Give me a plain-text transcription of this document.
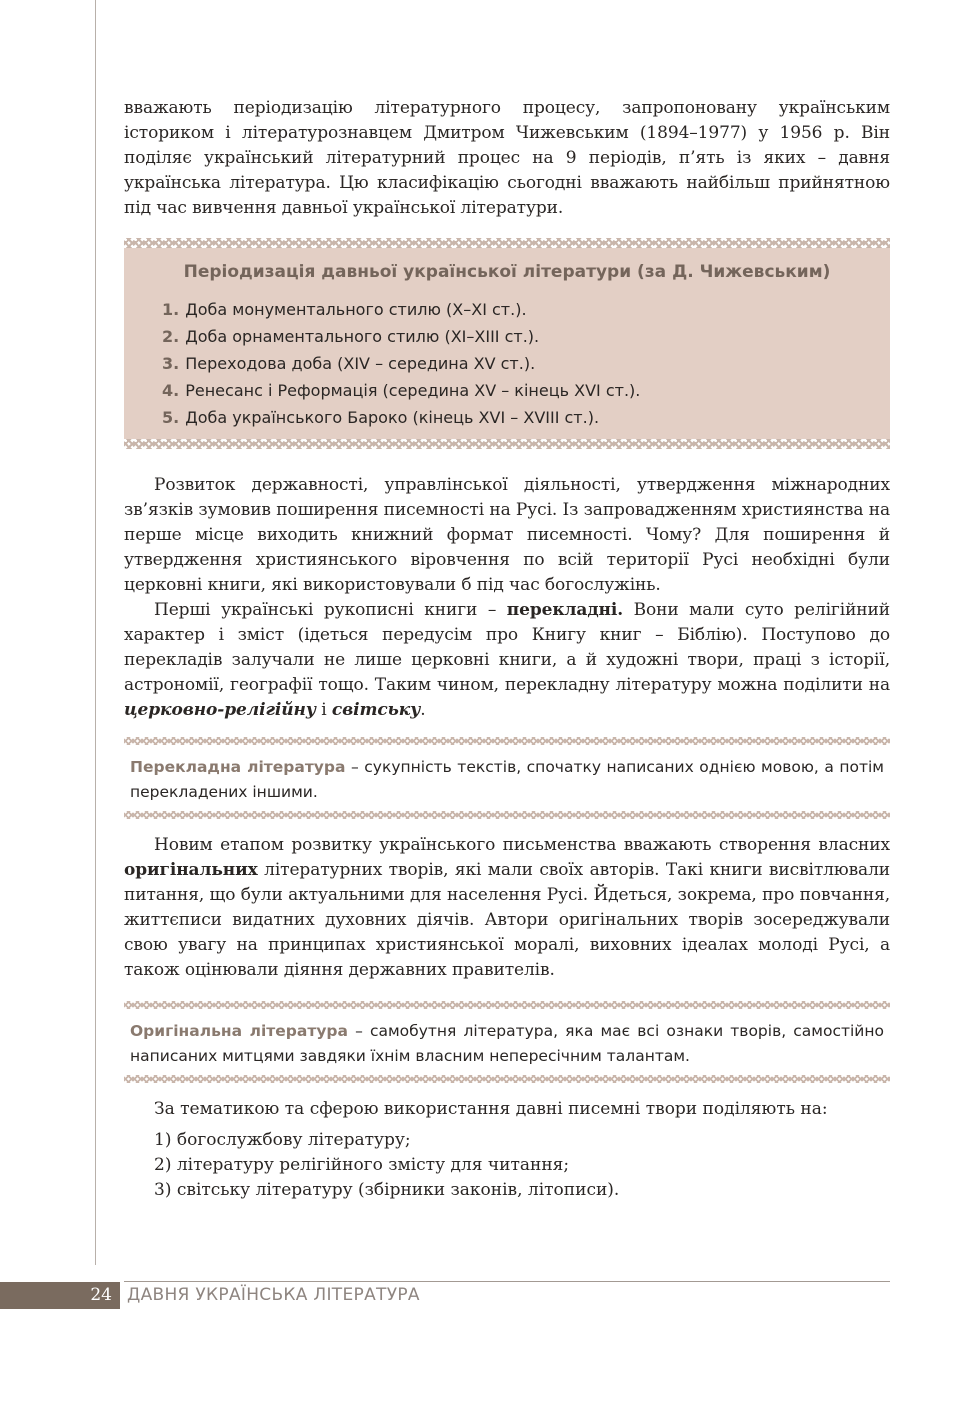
вважають періодизацію літературного процесу, запропоновану українським істориком і літературознавцем Дмитром Чижевським (1894–1977) у 1956 р. Він поділяє український літературний процес на 9 періодів, п’ять із яких – давня українська література. Цю класифікацію сьогодні вважають найбільш прийнятною під час вивчення давньої української літератури.

Періодизація давньої української літератури (за Д. Чижевським)
1. Доба монументального стилю (Х–ХІ ст.).
2. Доба орнаментального стилю (ХІ–ХІІІ ст.).
3. Переходова доба (ХIV – середина ХV ст.).
4. Ренесанс і Реформація (середина ХV – кінець ХVІ ст.).
5. Доба українського Бароко (кінець ХVІ – ХVІІІ ст.).

Розвиток державності, управлінської діяльності, утвердження міжнародних зв’язків зумовив поширення писемності на Русі. Із запровадженням християнства на перше місце виходить книжний формат писемності. Чому? Для поширення й утвердження християнського віровчення по всій території Русі необхідні були церковні книги, які використовували б під час богослужінь.

Перші українські рукописні книги – перекладні. Вони мали суто релігійний характер і зміст (ідеться передусім про Книгу книг – Біблію). Поступово до перекладів залучали не лише церковні книги, а й художні твори, праці з історії, астрономії, географії тощо. Таким чином, перекладну літературу можна поділити на церковно-релігійну і світську.

Перекладна література – сукупність текстів, спочатку написаних однією мовою, а потім перекладених іншими.

Новим етапом розвитку українського письменства вважають створення власних оригінальних літературних творів, які мали своїх авторів. Такі книги висвітлювали питання, що були актуальними для населення Русі. Йдеться, зокрема, про повчання, життєписи видатних духовних діячів. Автори оригінальних творів зосереджували свою увагу на принципах християнської моралі, виховних ідеалах молоді Русі, а також оцінювали діяння державних правителів.

Оригінальна література – самобутня література, яка має всі ознаки творів, самостійно написаних митцями завдяки їхнім власним непересічним талантам.

За тематикою та сферою використання давні писемні твори поділяють на:

1) богослужбову літературу;

2) літературу релігійного змісту для читання;

3) світську літературу (збірники законів, літописи).

24 ДАВНЯ УКРАЇНСЬКА ЛІТЕРАТУРА
